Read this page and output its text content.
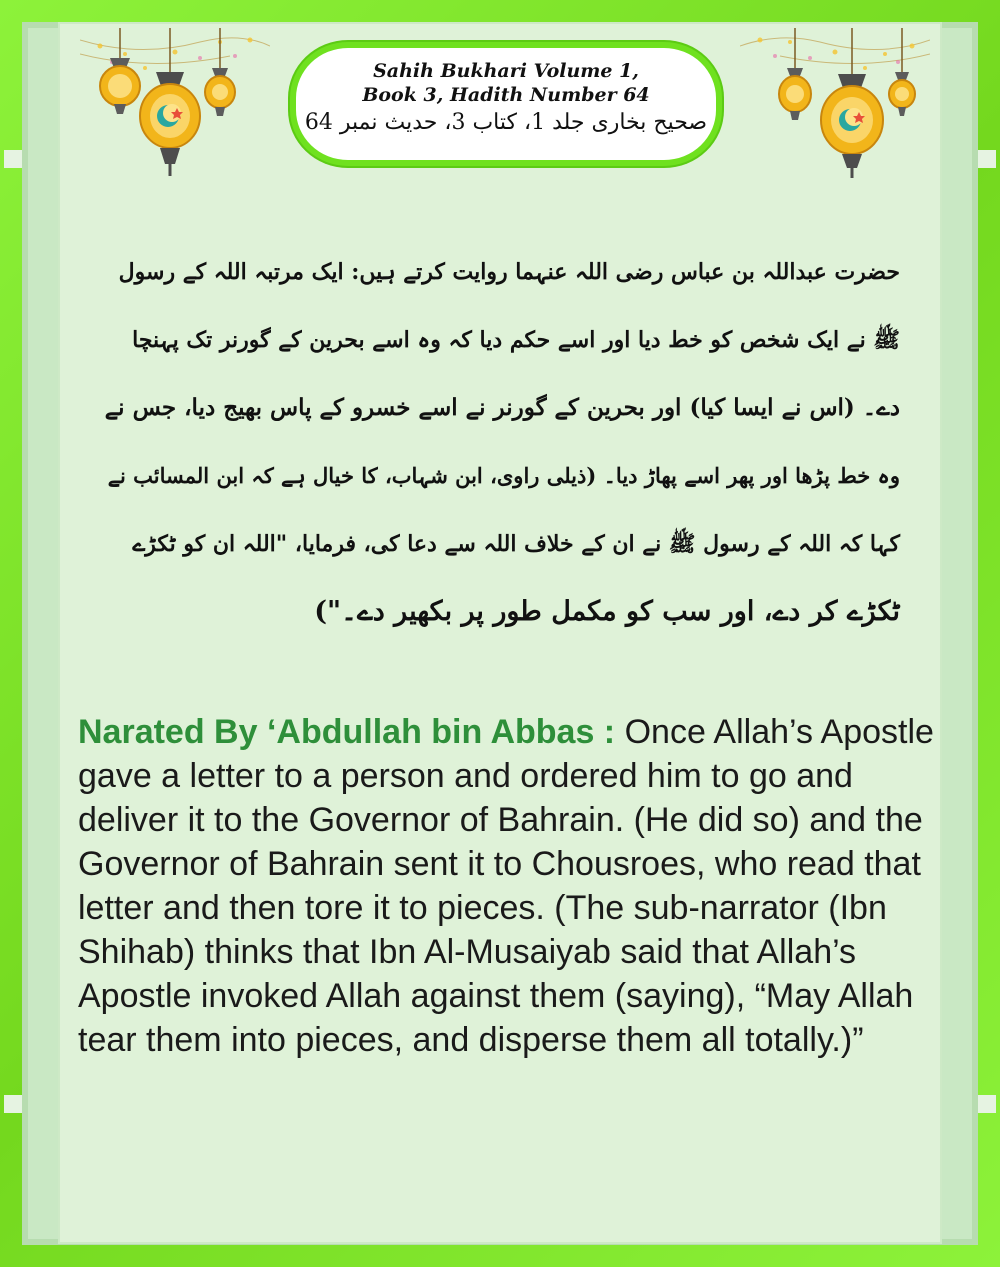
Sahih Bukhari Volume 1,
Book 3, Hadith Number 64
صحیح بخاری جلد 1، کتاب 3، حدیث نمبر 64
حضرت عبداللہ بن عباس رضی اللہ عنہما روایت کرتے ہیں: ایک مرتبہ اللہ کے رسول
ﷺ نے ایک شخص کو خط دیا اور اسے حکم دیا کہ وہ اسے بحرین کے گورنر تک پہنچا
دے۔ (اس نے ایسا کیا) اور بحرین کے گورنر نے اسے خسرو کے پاس بھیج دیا، جس نے
وہ خط پڑھا اور پھر اسے پھاڑ دیا۔ (ذیلی راوی، ابن شہاب، کا خیال ہے کہ ابن المسائب نے
کہا کہ اللہ کے رسول ﷺ نے ان کے خلاف اللہ سے دعا کی، فرمایا، "اللہ ان کو ٹکڑے
ٹکڑے کر دے، اور سب کو مکمل طور پر بکھیر دے۔")
Narated By ‘Abdullah bin Abbas : Once Allah’s Apostle gave a letter to a person and ordered him to go and deliver it to the Governor of Bahrain. (He did so) and the Governor of Bahrain sent it to Chousroes, who read that letter and then tore it to pieces. (The sub-narrator (Ibn Shihab) thinks that Ibn Al-Musaiyab said that Allah’s Apostle invoked Allah against them (saying), “May Allah tear them into pieces, and disperse them all totally.)”
